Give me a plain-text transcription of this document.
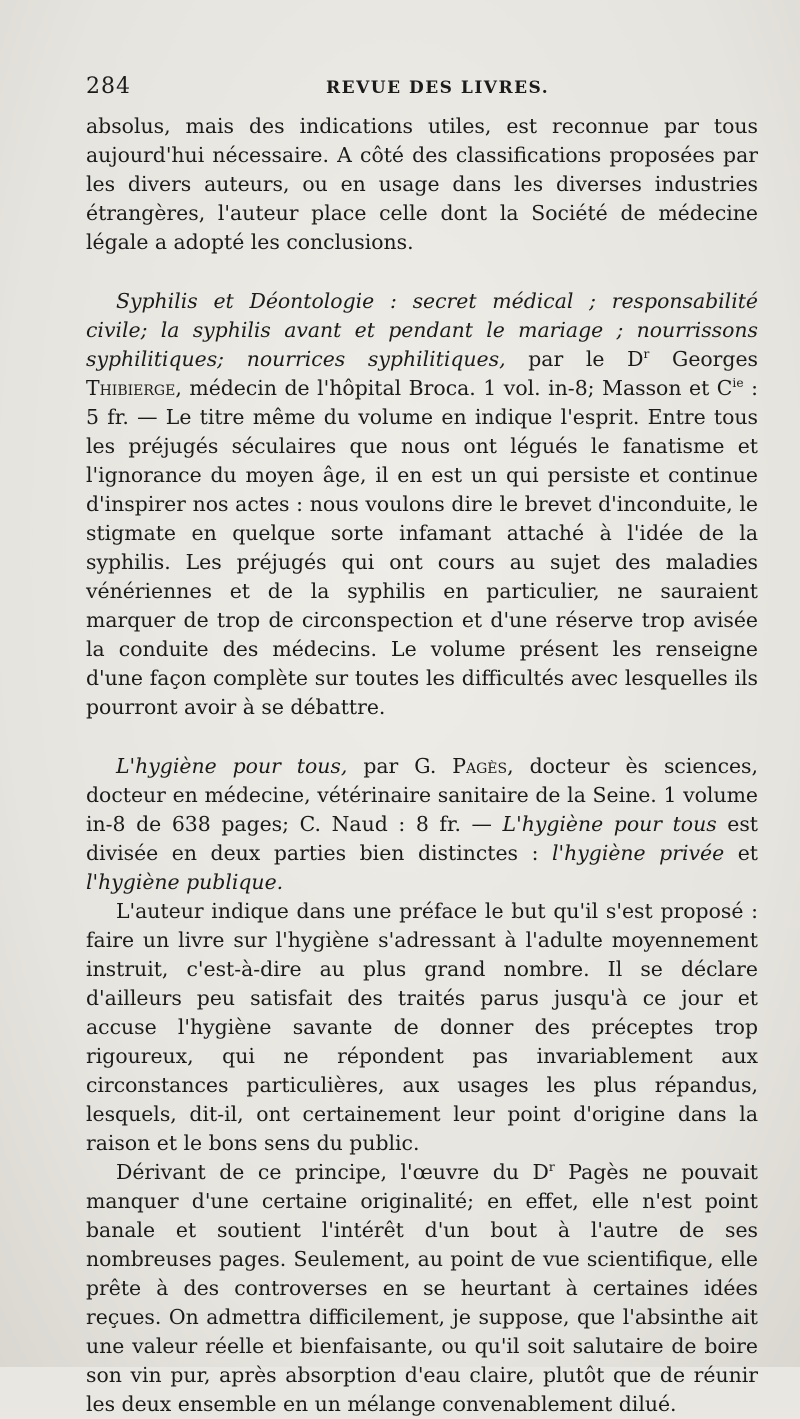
284	REVUE DES LIVRES.

absolus, mais des indications utiles, est reconnue par tous aujourd'hui nécessaire. A côté des classifications proposées par les divers auteurs, ou en usage dans les diverses industries étrangères, l'auteur place celle dont la Société de médecine légale a adopté les conclusions.

Syphilis et Déontologie : secret médical ; responsabilité civile; la syphilis avant et pendant le mariage ; nourrissons syphilitiques; nourrices syphilitiques, par le $D^r$ Georges Thibierge, médecin de l'hôpital Broca. 1 vol. in-8; Masson et $C^{ie}$ : 5 fr. — Le titre même du volume en indique l'esprit. Entre tous les préjugés séculaires que nous ont légués le fanatisme et l'ignorance du moyen âge, il en est un qui persiste et continue d'inspirer nos actes : nous voulons dire le brevet d'inconduite, le stigmate en quelque sorte infamant attaché à l'idée de la syphilis. Les préjugés qui ont cours au sujet des maladies vénériennes et de la syphilis en particulier, ne sauraient marquer de trop de circonspection et d'une réserve trop avisée la conduite des médecins. Le volume présent les renseigne d'une façon complète sur toutes les difficultés avec lesquelles ils pourront avoir à se débattre.

L'hygiène pour tous, par G. Pagès, docteur ès sciences, docteur en médecine, vétérinaire sanitaire de la Seine. 1 volume in-8 de 638 pages; C. Naud : 8 fr. — L'hygiène pour tous est divisée en deux parties bien distinctes : l'hygiène privée et l'hygiène publique.

L'auteur indique dans une préface le but qu'il s'est proposé : faire un livre sur l'hygiène s'adressant à l'adulte moyennement instruit, c'est-à-dire au plus grand nombre. Il se déclare d'ailleurs peu satisfait des traités parus jusqu'à ce jour et accuse l'hygiène savante de donner des préceptes trop rigoureux, qui ne répondent pas invariablement aux circonstances particulières, aux usages les plus répandus, lesquels, dit-il, ont certainement leur point d'origine dans la raison et le bons sens du public.

Dérivant de ce principe, l'œuvre du $D^r$ Pagès ne pouvait manquer d'une certaine originalité; en effet, elle n'est point banale et soutient l'intérêt d'un bout à l'autre de ses nombreuses pages. Seulement, au point de vue scientifique, elle prête à des controverses en se heurtant à certaines idées reçues. On admettra difficilement, je suppose, que l'absinthe ait une valeur réelle et bienfaisante, ou qu'il soit salutaire de boire son vin pur, après absorption d'eau claire, plutôt que de réunir les deux ensemble en un mélange convenablement dilué.
